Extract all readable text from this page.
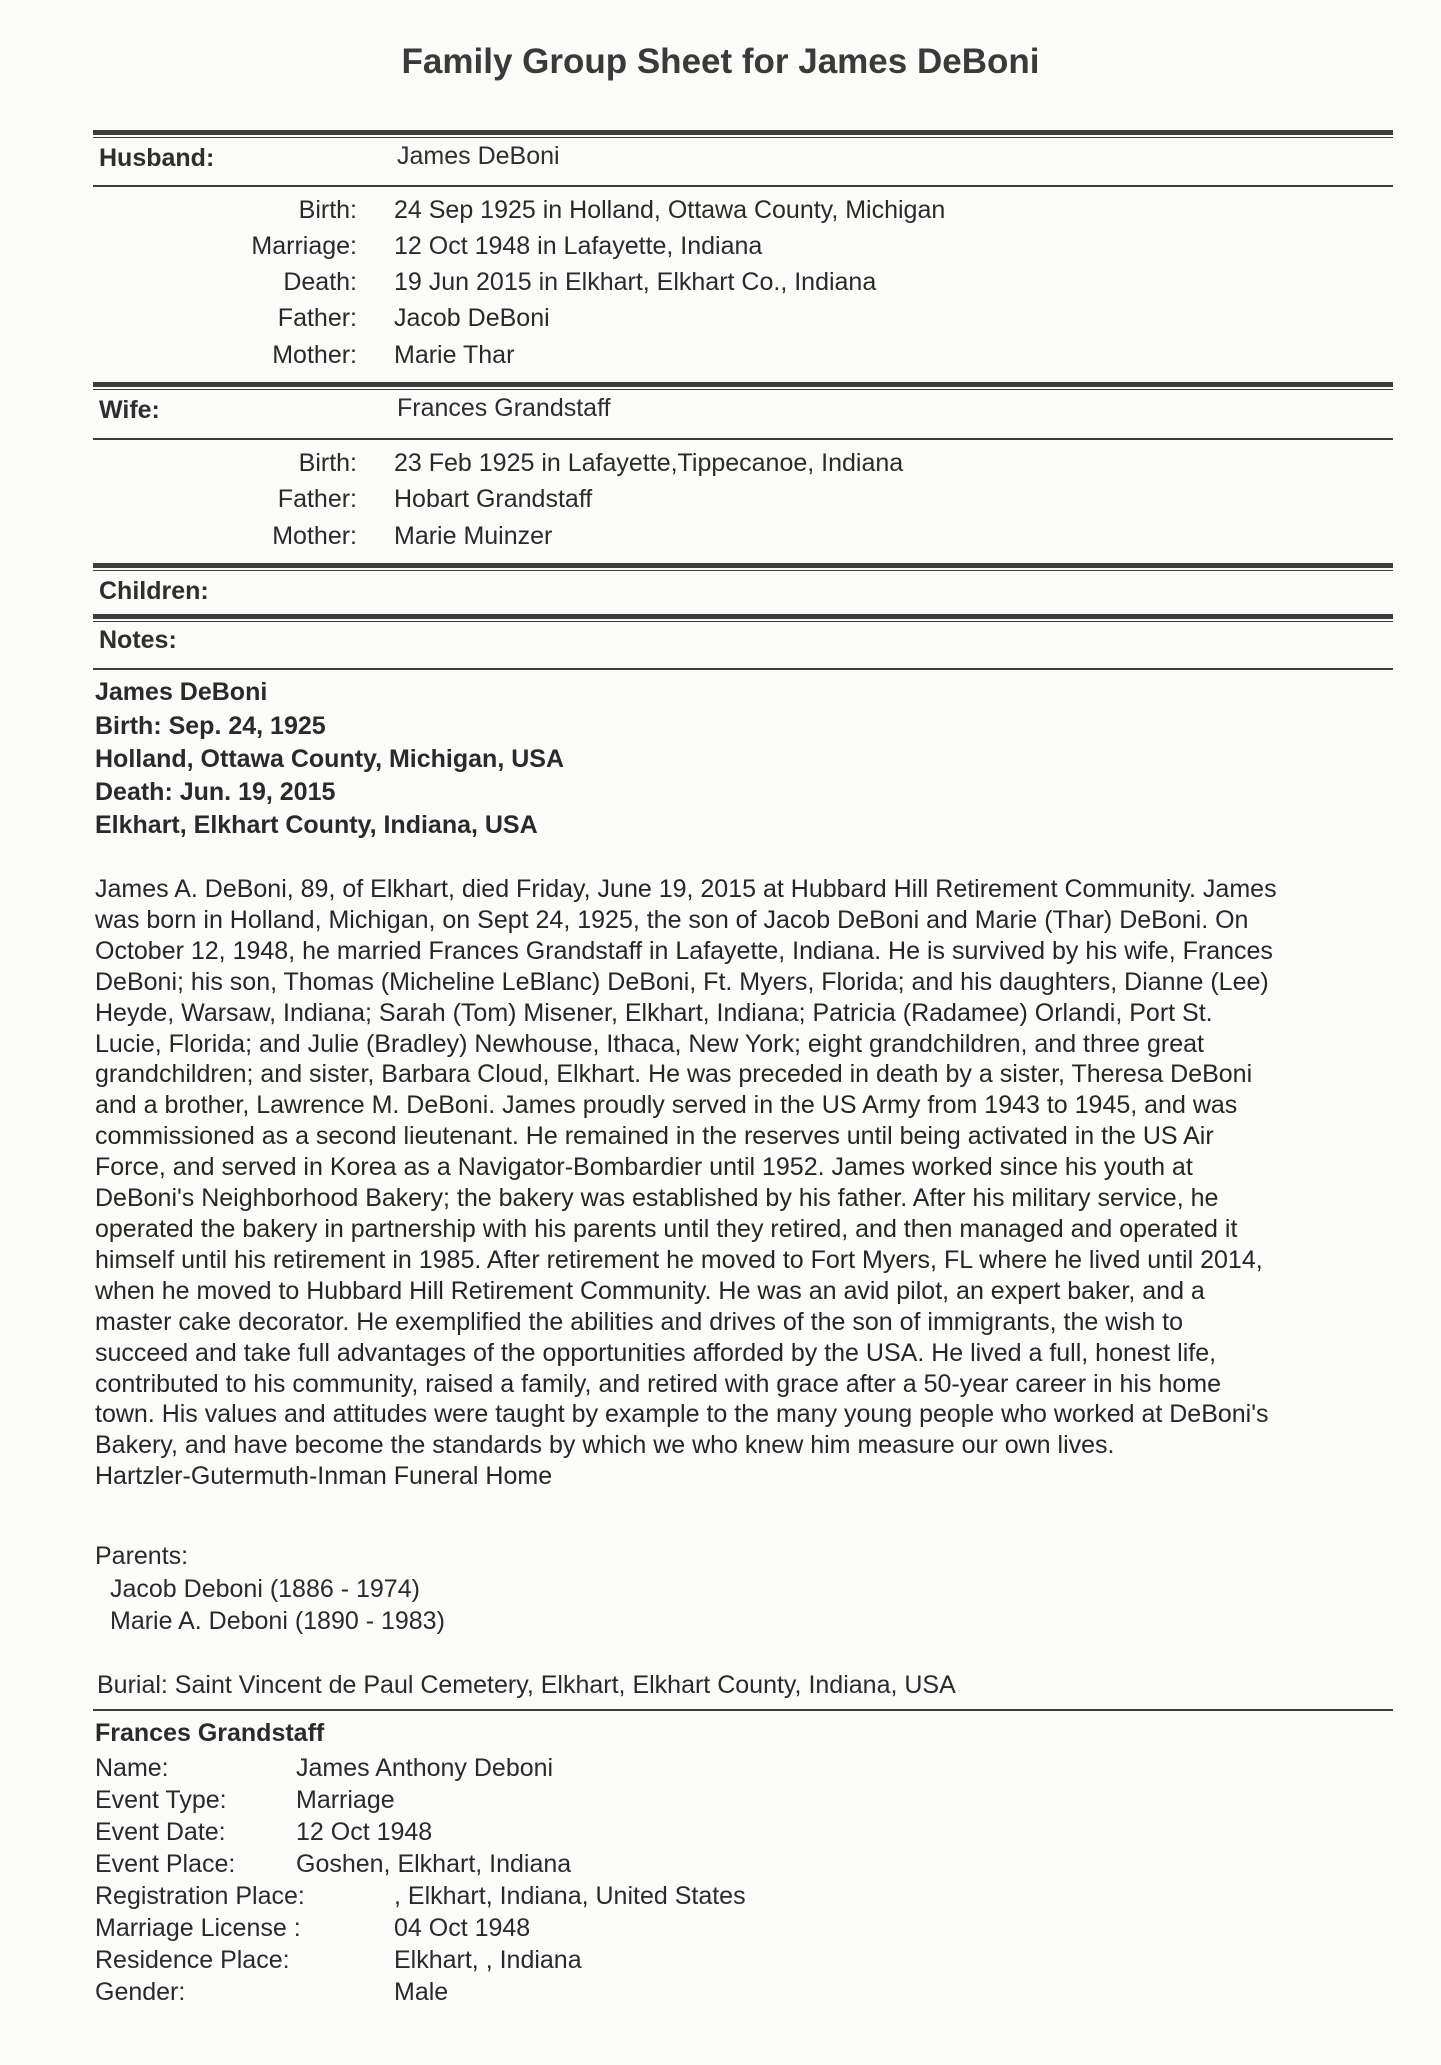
Family Group Sheet for James DeBoni
Husband:	James DeBoni
Birth: 24 Sep 1925 in Holland, Ottawa County, Michigan
Marriage: 12 Oct 1948 in Lafayette, Indiana
Death: 19 Jun 2015 in Elkhart, Elkhart Co., Indiana
Father: Jacob DeBoni
Mother: Marie Thar
Wife:	Frances Grandstaff
Birth: 23 Feb 1925 in Lafayette,Tippecanoe, Indiana
Father: Hobart Grandstaff
Mother: Marie Muinzer
Children:
Notes:
James DeBoni
Birth: Sep. 24, 1925
Holland, Ottawa County, Michigan, USA
Death: Jun. 19, 2015
Elkhart, Elkhart County, Indiana, USA
James A. DeBoni, 89, of Elkhart, died Friday, June 19, 2015 at Hubbard Hill Retirement Community. James
was born in Holland, Michigan, on Sept 24, 1925, the son of Jacob DeBoni and Marie (Thar) DeBoni. On
October 12, 1948, he married Frances Grandstaff in Lafayette, Indiana. He is survived by his wife, Frances
DeBoni; his son, Thomas (Micheline LeBlanc) DeBoni, Ft. Myers, Florida; and his daughters, Dianne (Lee)
Heyde, Warsaw, Indiana; Sarah (Tom) Misener, Elkhart, Indiana; Patricia (Radamee) Orlandi, Port St.
Lucie, Florida; and Julie (Bradley) Newhouse, Ithaca, New York; eight grandchildren, and three great
grandchildren; and sister, Barbara Cloud, Elkhart. He was preceded in death by a sister, Theresa DeBoni
and a brother, Lawrence M. DeBoni. James proudly served in the US Army from 1943 to 1945, and was
commissioned as a second lieutenant. He remained in the reserves until being activated in the US Air
Force, and served in Korea as a Navigator-Bombardier until 1952. James worked since his youth at
DeBoni's Neighborhood Bakery; the bakery was established by his father. After his military service, he
operated the bakery in partnership with his parents until they retired, and then managed and operated it
himself until his retirement in 1985. After retirement he moved to Fort Myers, FL where he lived until 2014,
when he moved to Hubbard Hill Retirement Community. He was an avid pilot, an expert baker, and a
master cake decorator. He exemplified the abilities and drives of the son of immigrants, the wish to
succeed and take full advantages of the opportunities afforded by the USA. He lived a full, honest life,
contributed to his community, raised a family, and retired with grace after a 50-year career in his home
town. His values and attitudes were taught by example to the many young people who worked at DeBoni's
Bakery, and have become the standards by which we who knew him measure our own lives.
Hartzler-Gutermuth-Inman Funeral Home
Parents:
Jacob Deboni (1886 - 1974)
Marie A. Deboni (1890 - 1983)
Burial: Saint Vincent de Paul Cemetery, Elkhart, Elkhart County, Indiana, USA
Frances Grandstaff
Name:	James Anthony Deboni
Event Type:	Marriage
Event Date:	12 Oct 1948
Event Place: Goshen, Elkhart, Indiana
Registration Place:	, Elkhart, Indiana, United States
Marriage License :	04 Oct 1948
Residence Place:	Elkhart, , Indiana
Gender:	Male
